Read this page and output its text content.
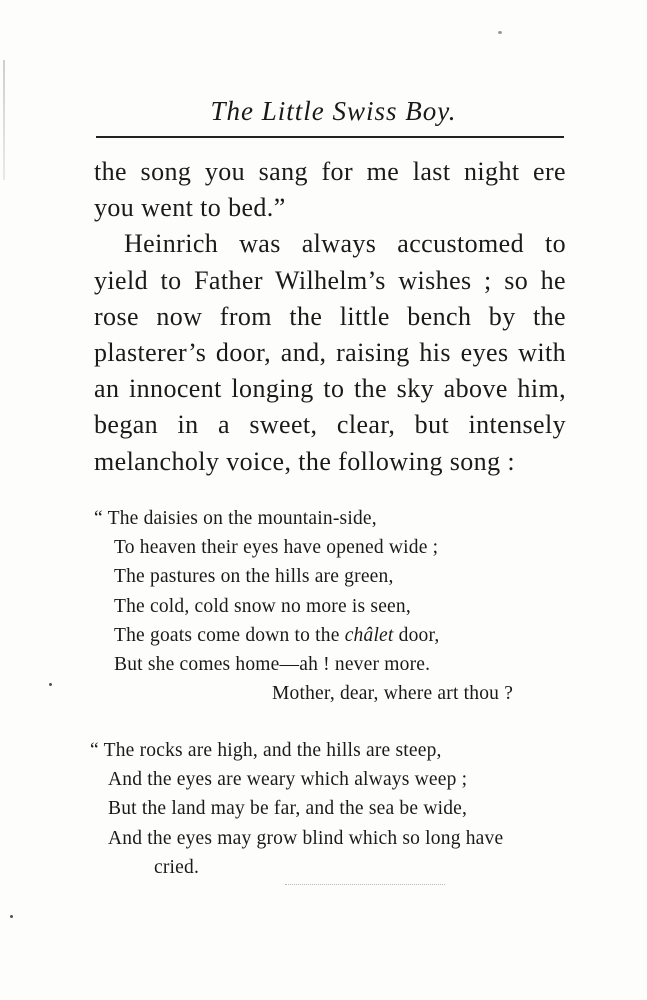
The Little Swiss Boy.
the song you sang for me last night ere
you went to bed.”
Heinrich was always accustomed to
yield to Father Wilhelm’s wishes ; so he
rose now from the little bench by the
plasterer’s door, and, raising his eyes with
an innocent longing to the sky above him,
began in a sweet, clear, but intensely
melancholy voice, the following song :
“ The daisies on the mountain-side,
To heaven their eyes have opened wide ;
The pastures on the hills are green,
The cold, cold snow no more is seen,
The goats come down to the châlet door,
But she comes home—ah ! never more.
Mother, dear, where art thou ?
“ The rocks are high, and the hills are steep,
And the eyes are weary which always weep ;
But the land may be far, and the sea be wide,
And the eyes may grow blind which so long have
cried.
